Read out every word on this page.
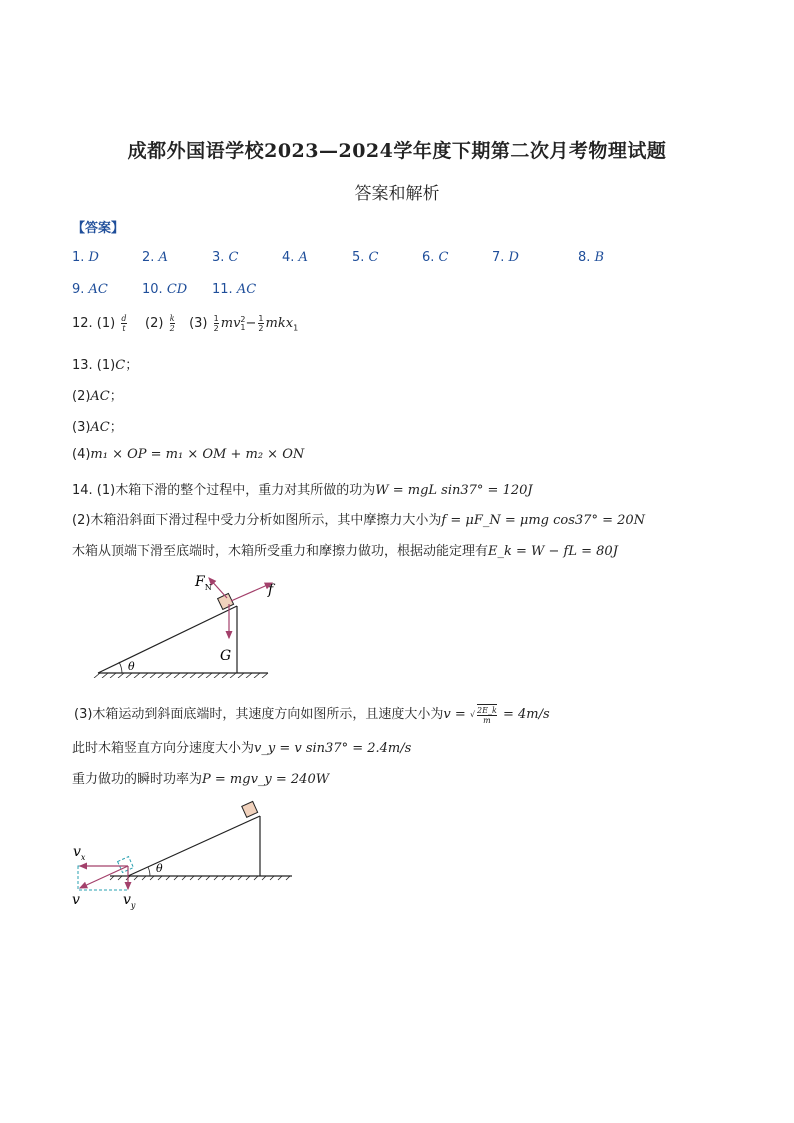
成都外国语学校2023—2024学年度下期第二次月考物理试题
答案和解析
【答案】
1. D	2. A	3. C	4. A	5. C	6. C	7. D	8. B
9. AC	10. CD 11. AC
12. $(1) \frac{d}{t} (2) \frac{k}{2} (3) \frac{1}{2}$ mv 2
$1 - \frac{1}{2} mkx_1$
13. (1)C；
(2)AC；
(3)AC；
(4)m₁ × OP = m₁ × OM + m₂ × ON
14. (1)木箱下滑的整个过程中，重力对其所做的功为W = mgL sin37° = 120J
(2)木箱沿斜面下滑过程中受力分析如图所示，其中摩擦力大小为f = μF_N = μmg cos37° = 20N
木箱从顶端下滑至底端时，木箱所受重力和摩擦力做功，根据动能定理有E_k = W − fL = 80J
$F_N$	f
G
θ
(3)木箱运动到斜面底端时，其速度方向如图所示，且速度大小为v = √ $\frac{2E\_k}{m} = 4m/s$
此时木箱竖直方向分速度大小为v_y = v sin37° = 2.4m/s
重力做功的瞬时功率为P = mgv_y = 240W
$v_x$
v	$v_y$
θ
